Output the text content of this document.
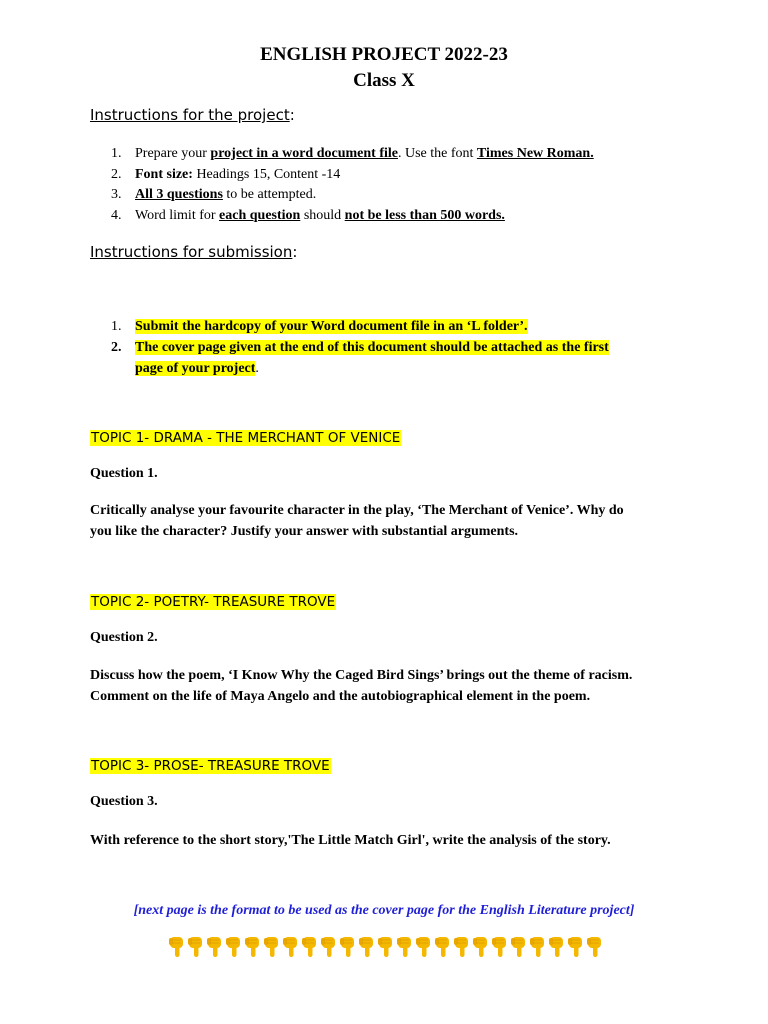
ENGLISH PROJECT 2022-23
Class X
Instructions for the project:
1. Prepare your project in a word document file. Use the font Times New Roman.
2. Font size: Headings 15, Content -14
3. All 3 questions to be attempted.
4. Word limit for each question should not be less than 500 words.
Instructions for submission:
1. Submit the hardcopy of your Word document file in an ‘L folder’.
2. The cover page given at the end of this document should be attached as the first
page of your project.
TOPIC 1- DRAMA - THE MERCHANT OF VENICE
Question 1.
Critically analyse your favourite character in the play, ‘The Merchant of Venice’. Why do
you like the character? Justify your answer with substantial arguments.
TOPIC 2- POETRY- TREASURE TROVE
Question 2.
Discuss how the poem, ‘I Know Why the Caged Bird Sings’ brings out the theme of racism.
Comment on the life of Maya Angelo and the autobiographical element in the poem.
TOPIC 3- PROSE- TREASURE TROVE
Question 3.
With reference to the short story,'The Little Match Girl', write the analysis of the story.
[next page is the format to be used as the cover page for the English Literature project]
